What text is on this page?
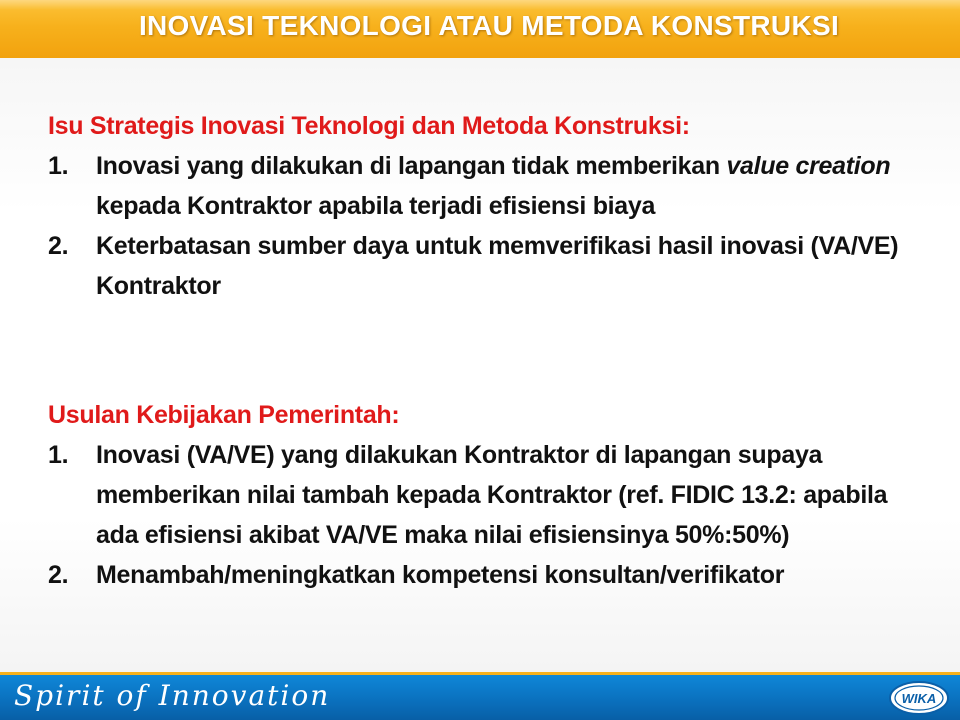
INOVASI TEKNOLOGI ATAU METODA KONSTRUKSI
Isu Strategis Inovasi Teknologi dan Metoda Konstruksi:
1. Inovasi yang dilakukan di lapangan tidak memberikan value creation kepada Kontraktor apabila terjadi efisiensi biaya
2. Keterbatasan sumber daya untuk memverifikasi hasil inovasi (VA/VE) Kontraktor
Usulan Kebijakan Pemerintah:
1. Inovasi (VA/VE) yang dilakukan Kontraktor di lapangan supaya memberikan nilai tambah kepada Kontraktor (ref. FIDIC 13.2: apabila ada efisiensi akibat VA/VE maka nilai efisiensinya 50%:50%)
2. Menambah/meningkatkan kompetensi konsultan/verifikator
Spirit of Innovation	WIKA
